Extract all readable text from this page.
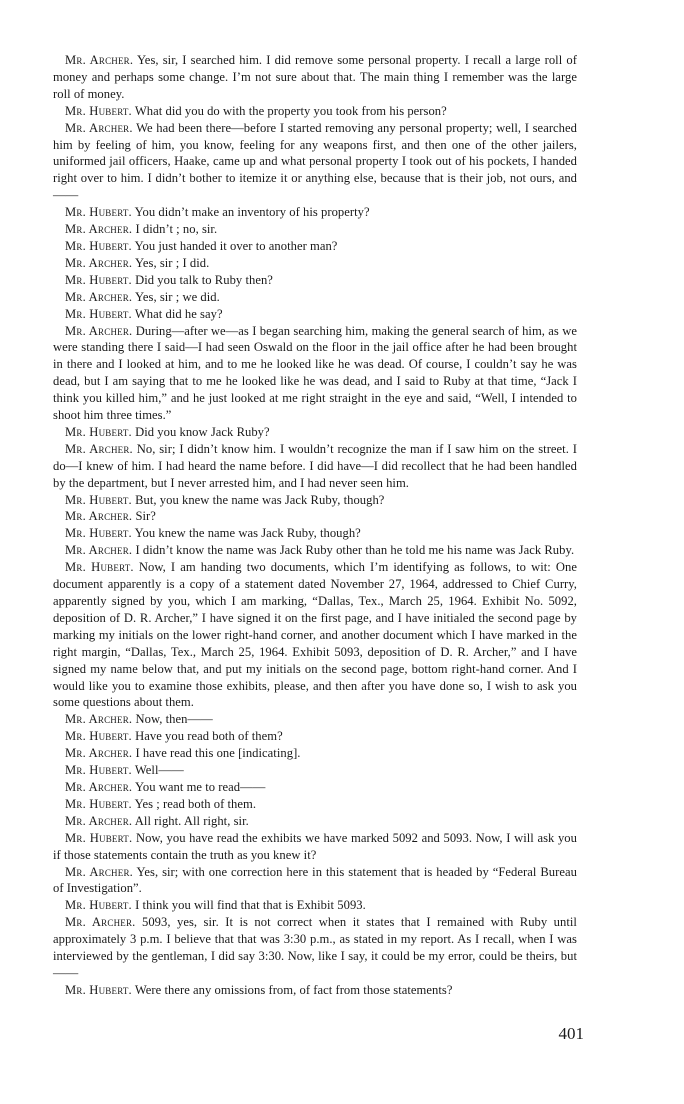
Mr. Archer. Yes, sir, I searched him. I did remove some personal property. I recall a large roll of money and perhaps some change. I’m not sure about that. The main thing I remember was the large roll of money.

Mr. Hubert. What did you do with the property you took from his person?

Mr. Archer. We had been there—before I started removing any personal property; well, I searched him by feeling of him, you know, feeling for any weapons first, and then one of the other jailers, uniformed jail officers, Haake, came up and what personal property I took out of his pockets, I handed right over to him. I didn’t bother to itemize it or anything else, because that is their job, not ours, and——

Mr. Hubert. You didn’t make an inventory of his property?

Mr. Archer. I didn’t ; no, sir.

Mr. Hubert. You just handed it over to another man?

Mr. Archer. Yes, sir ; I did.

Mr. Hubert. Did you talk to Ruby then?

Mr. Archer. Yes, sir ; we did.

Mr. Hubert. What did he say?

Mr. Archer. During—after we—as I began searching him, making the general search of him, as we were standing there I said—I had seen Oswald on the floor in the jail office after he had been brought in there and I looked at him, and to me he looked like he was dead. Of course, I couldn’t say he was dead, but I am saying that to me he looked like he was dead, and I said to Ruby at that time, “Jack I think you killed him,” and he just looked at me right straight in the eye and said, “Well, I intended to shoot him three times.”

Mr. Hubert. Did you know Jack Ruby?

Mr. Archer. No, sir; I didn’t know him. I wouldn’t recognize the man if I saw him on the street. I do—I knew of him. I had heard the name before. I did have—I did recollect that he had been handled by the department, but I never arrested him, and I had never seen him.

Mr. Hubert. But, you knew the name was Jack Ruby, though?

Mr. Archer. Sir?

Mr. Hubert. You knew the name was Jack Ruby, though?

Mr. Archer. I didn’t know the name was Jack Ruby other than he told me his name was Jack Ruby.

Mr. Hubert. Now, I am handing two documents, which I’m identifying as follows, to wit: One document apparently is a copy of a statement dated November 27, 1964, addressed to Chief Curry, apparently signed by you, which I am marking, “Dallas, Tex., March 25, 1964. Exhibit No. 5092, deposition of D. R. Archer,” I have signed it on the first page, and I have initialed the second page by marking my initials on the lower right-hand corner, and another document which I have marked in the right margin, “Dallas, Tex., March 25, 1964. Exhibit 5093, deposition of D. R. Archer,” and I have signed my name below that, and put my initials on the second page, bottom right-hand corner. And I would like you to examine those exhibits, please, and then after you have done so, I wish to ask you some questions about them.

Mr. Archer. Now, then——

Mr. Hubert. Have you read both of them?

Mr. Archer. I have read this one [indicating].

Mr. Hubert. Well——

Mr. Archer. You want me to read——

Mr. Hubert. Yes ; read both of them.

Mr. Archer. All right. All right, sir.

Mr. Hubert. Now, you have read the exhibits we have marked 5092 and 5093. Now, I will ask you if those statements contain the truth as you knew it?

Mr. Archer. Yes, sir; with one correction here in this statement that is headed by “Federal Bureau of Investigation”.

Mr. Hubert. I think you will find that that is Exhibit 5093.

Mr. Archer. 5093, yes, sir. It is not correct when it states that I remained with Ruby until approximately 3 p.m. I believe that that was 3:30 p.m., as stated in my report. As I recall, when I was interviewed by the gentleman, I did say 3:30. Now, like I say, it could be my error, could be theirs, but——

Mr. Hubert. Were there any omissions from, of fact from those statements?

401
